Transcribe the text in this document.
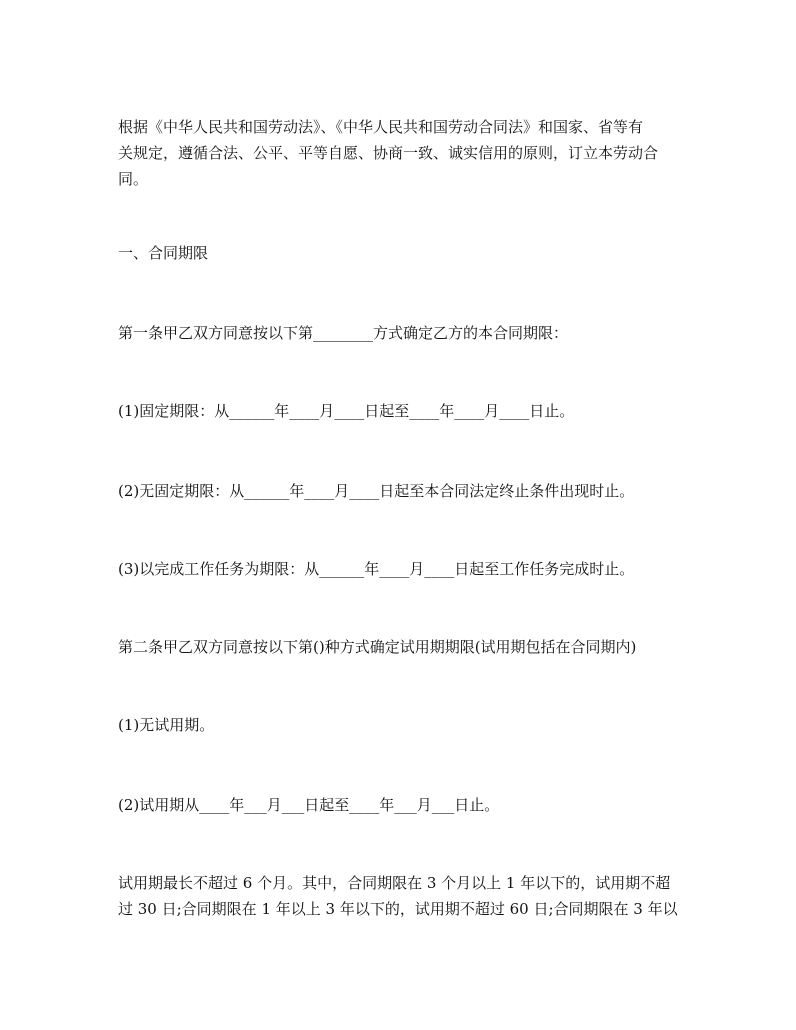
根据《中华人民共和国劳动法》、《中华人民共和国劳动合同法》和国家、省等有
关规定，遵循合法、公平、平等自愿、协商一致、诚实信用的原则，订立本劳动合
同。
一、合同期限
第一条甲乙双方同意按以下第________方式确定乙方的本合同期限：
(1)固定期限：从______年____月____日起至____年____月____日止。
(2)无固定期限：从______年____月____日起至本合同法定终止条件出现时止。
(3)以完成工作任务为期限：从______年____月____日起至工作任务完成时止。
第二条甲乙双方同意按以下第()种方式确定试用期期限(试用期包括在合同期内)
(1)无试用期。
(2)试用期从____年___月___日起至____年___月___日止。
试用期最长不超过 6 个月。其中，合同期限在 3 个月以上 1 年以下的，试用期不超
过 30 日;合同期限在 1 年以上 3 年以下的，试用期不超过 60 日;合同期限在 3 年以
